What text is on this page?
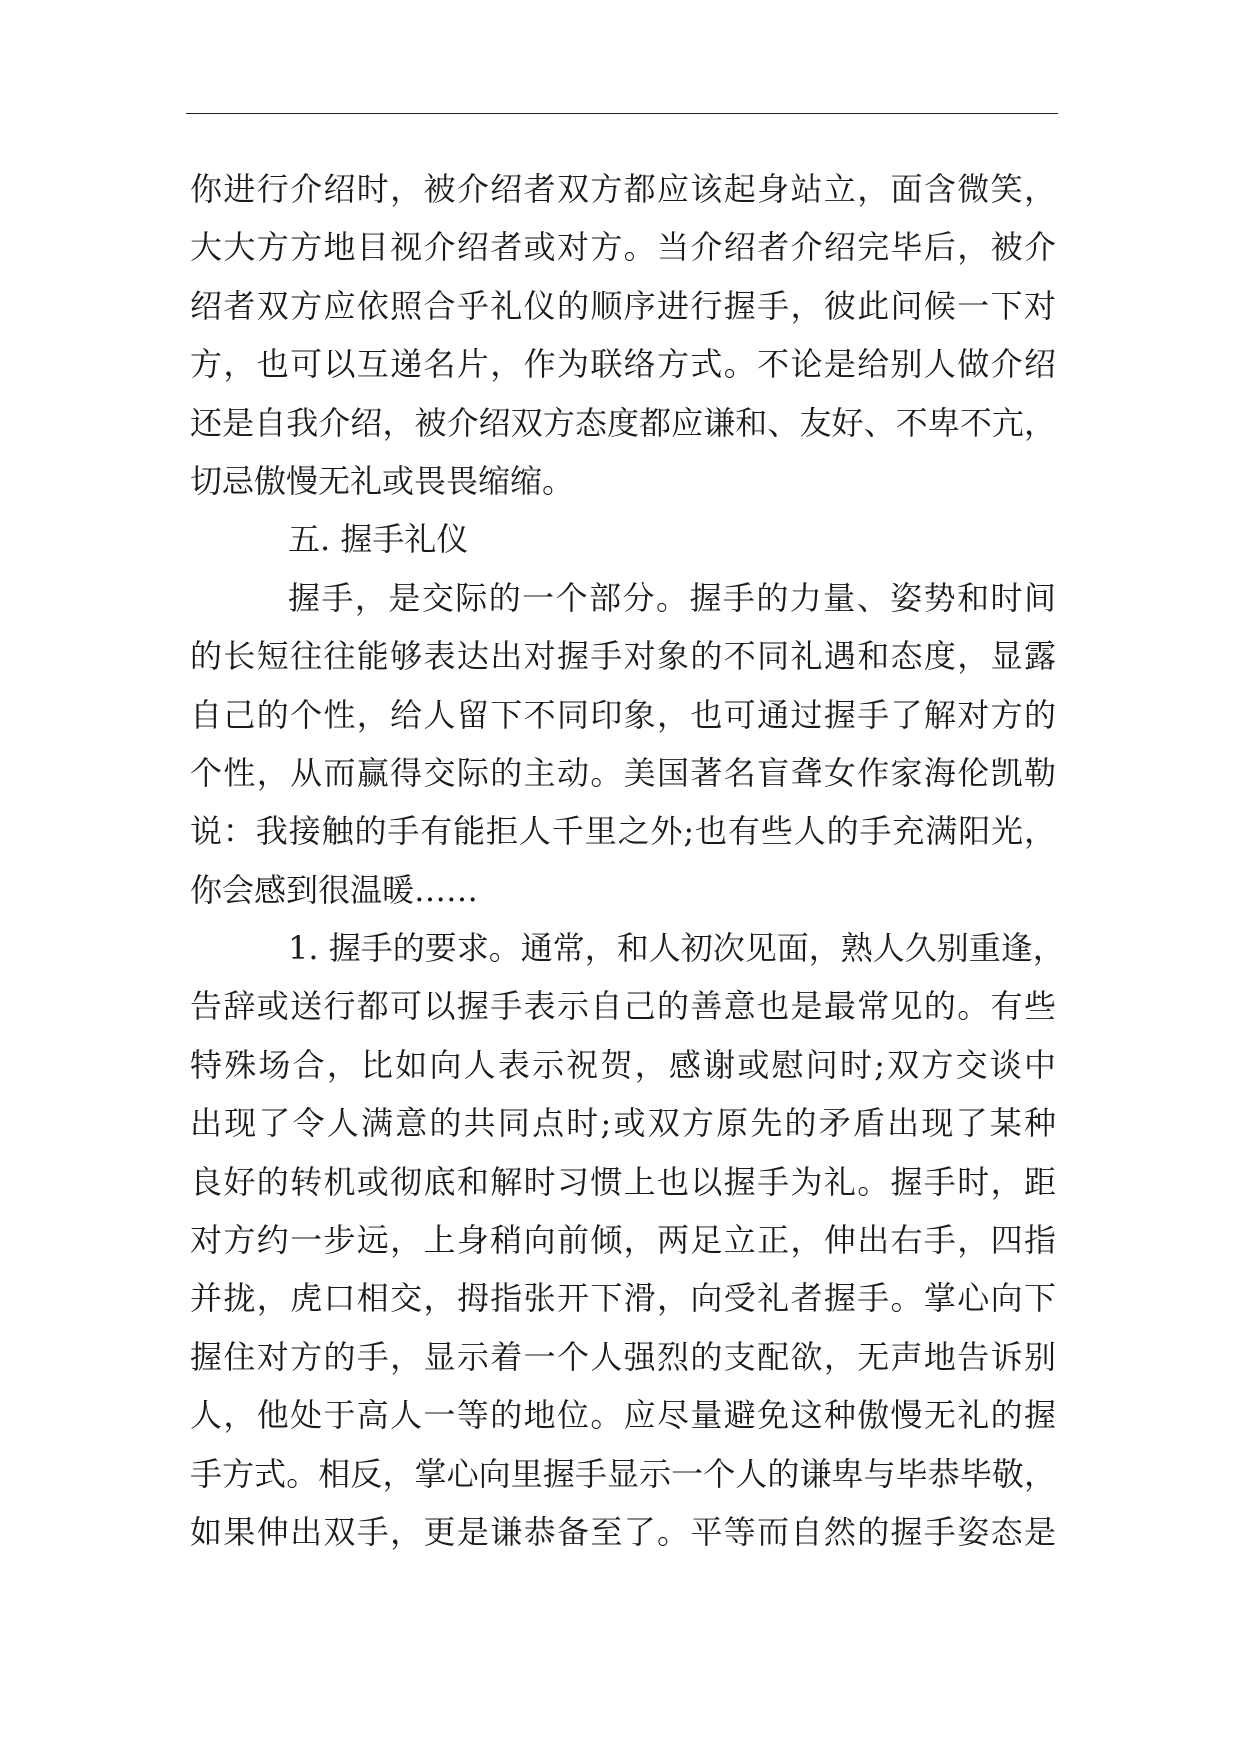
你进行介绍时，被介绍者双方都应该起身站立，面含微笑，
大大方方地目视介绍者或对方。当介绍者介绍完毕后，被介
绍者双方应依照合乎礼仪的顺序进行握手，彼此问候一下对
方，也可以互递名片，作为联络方式。不论是给别人做介绍
还是自我介绍，被介绍双方态度都应谦和、友好、不卑不亢，
切忌傲慢无礼或畏畏缩缩。
五. 握手礼仪
握手，是交际的一个部分。握手的力量、姿势和时间
的长短往往能够表达出对握手对象的不同礼遇和态度，显露
自己的个性，给人留下不同印象，也可通过握手了解对方的
个性，从而赢得交际的主动。美国著名盲聋女作家海伦凯勒
说：我接触的手有能拒人千里之外;也有些人的手充满阳光，
你会感到很温暖……
1. 握手的要求。通常，和人初次见面，熟人久别重逢，
告辞或送行都可以握手表示自己的善意也是最常见的。有些
特殊场合，比如向人表示祝贺，感谢或慰问时;双方交谈中
出现了令人满意的共同点时;或双方原先的矛盾出现了某种
良好的转机或彻底和解时习惯上也以握手为礼。握手时，距
对方约一步远，上身稍向前倾，两足立正，伸出右手，四指
并拢，虎口相交，拇指张开下滑，向受礼者握手。掌心向下
握住对方的手，显示着一个人强烈的支配欲，无声地告诉别
人，他处于高人一等的地位。应尽量避免这种傲慢无礼的握
手方式。相反，掌心向里握手显示一个人的谦卑与毕恭毕敬，
如果伸出双手，更是谦恭备至了。平等而自然的握手姿态是
